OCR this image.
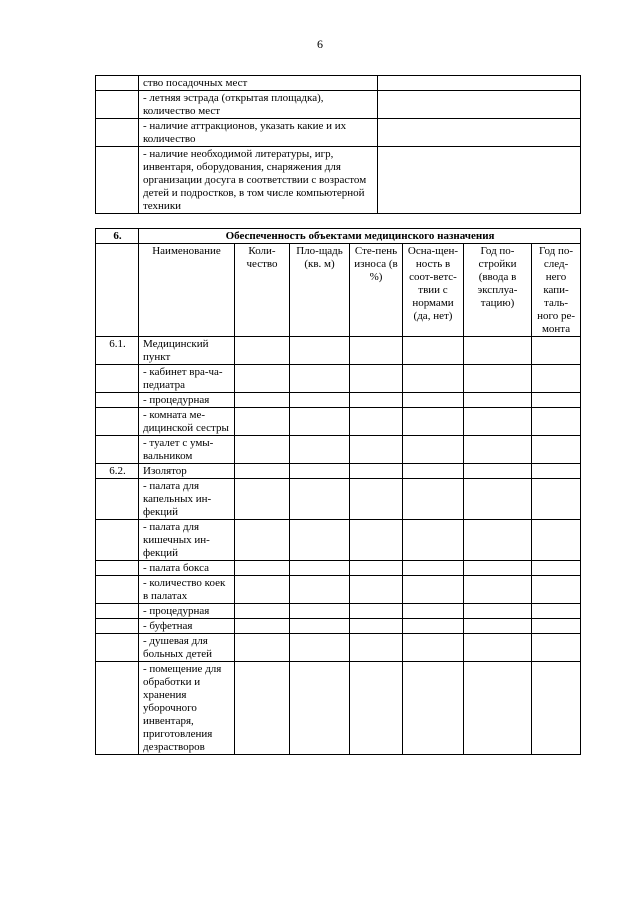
6
	ство посадочных мест	
	- летняя эстрада (открытая площадка), количество мест	
	- наличие аттракционов, указать какие и их количество	
	- наличие необходимой литературы, игр, инвентаря, оборудования, снаряжения для организации досуга в соответствии с возрастом детей и подростков, в том числе компьютерной техники	
6.	Обеспеченность объектами медицинского назначения						
	Наименование	Коли-чество	Пло-щадь (кв. м)	Сте-пень износа (в %)	Осна-щен-ность в соот-ветс-твии с нормами (да, нет)	Год по-стройки (ввода в эксплуа-тацию)	Год по-след-него капи-таль-ного ре-монта
6.1.	Медицинский пункт						
	- кабинет вра-ча-педиатра						
	- процедурная						
	- комната ме-дицинской сестры						
	- туалет с умы-вальником						
6.2.	Изолятор						
	- палата для капельных ин-фекций						
	- палата для кишечных ин-фекций						
	- палата бокса						
	- количество коек в палатах						
	- процедурная						
	- буфетная						
	- душевая для больных детей						
	- помещение для обработки и хранения уборочного инвентаря, приготовления дезрастворов						
